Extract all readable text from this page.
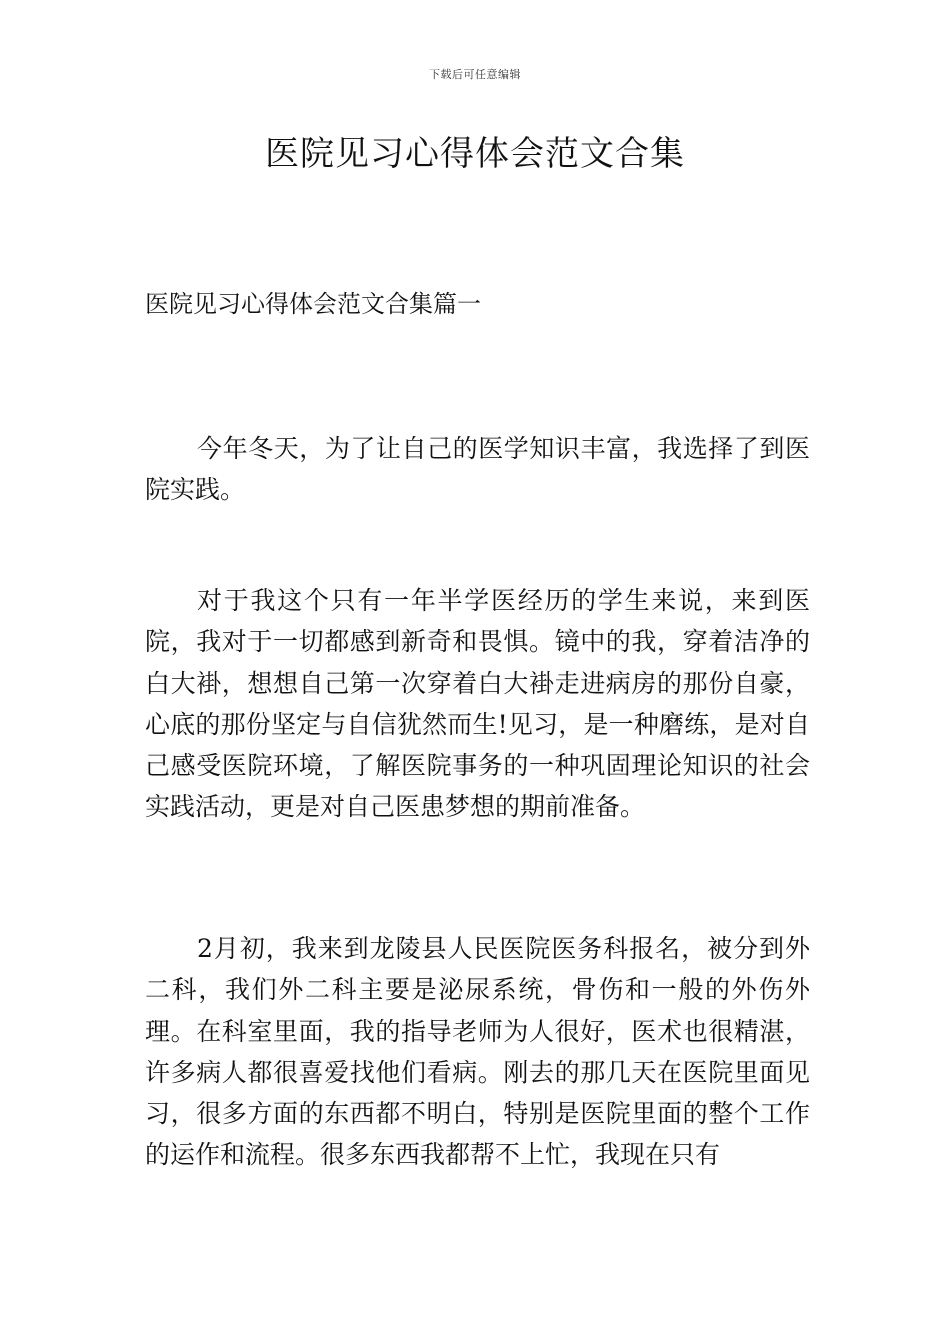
下载后可任意编辑
医院见习心得体会范文合集
医院见习心得体会范文合集篇一

今年冬天，为了让自己的医学知识丰富，我选择了到医院实践。

对于我这个只有一年半学医经历的学生来说，来到医院，我对于一切都感到新奇和畏惧。镜中的我，穿着洁净的白大褂，想想自己第一次穿着白大褂走进病房的那份自豪，心底的那份坚定与自信犹然而生!见习，是一种磨练，是对自己感受医院环境，了解医院事务的一种巩固理论知识的社会实践活动，更是对自己医患梦想的期前准备。

2月初，我来到龙陵县人民医院医务科报名，被分到外二科，我们外二科主要是泌尿系统，骨伤和一般的外伤外理。在科室里面，我的指导老师为人很好，医术也很精湛，许多病人都很喜爱找他们看病。刚去的那几天在医院里面见习，很多方面的东西都不明白，特别是医院里面的整个工作的运作和流程。很多东西我都帮不上忙，我现在只有
